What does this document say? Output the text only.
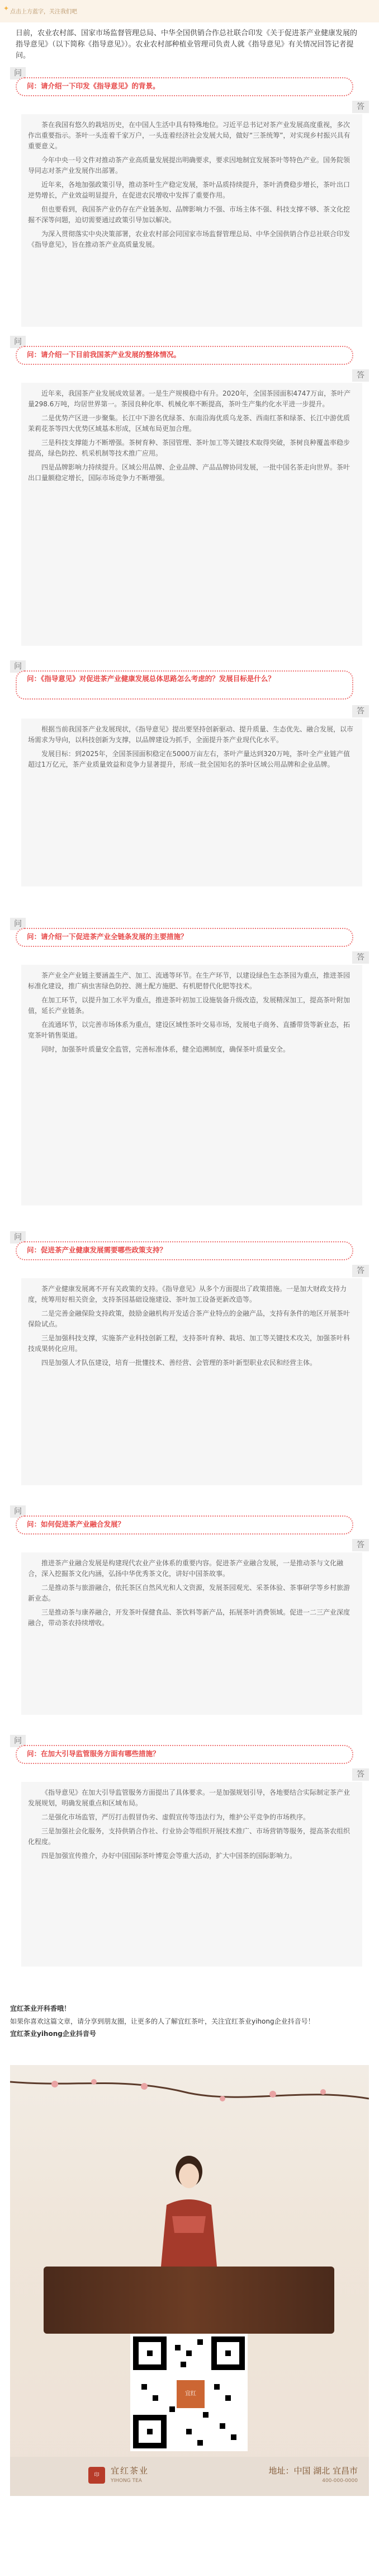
✦ 点击上方蓝字，关注我们吧
日前，农业农村部、国家市场监督管理总局、中华全国供销合作总社联合印发《关于促进茶产业健康发展的指导意见》（以下简称《指导意见》）。农业农村部种植业管理司负责人就《指导意见》有关情况回答记者提问。
问
问：请介绍一下印发《指导意见》的背景。
答

茶在我国有悠久的栽培历史，在中国人生活中具有特殊地位。习近平总书记对茶产业发展高度重视，多次作出重要指示。茶叶一头连着千家万户，一头连着经济社会发展大局，做好“三茶统筹”，对实现乡村振兴具有重要意义。

今年中央一号文件对推动茶产业高质量发展提出明确要求，要求因地制宜发展茶叶等特色产业。国务院领导同志对茶产业发展作出部署。

近年来，各地加强政策引导，推动茶叶生产稳定发展，茶叶品质持续提升，茶叶消费稳步增长，茶叶出口逆势增长，产业效益明显提升，在促进农民增收中发挥了重要作用。

但也要看到，我国茶产业仍存在产业链条短、品牌影响力不强、市场主体不强、科技支撑不够、茶文化挖掘不深等问题，迫切需要通过政策引导加以解决。

为深入贯彻落实中央决策部署，农业农村部会同国家市场监督管理总局、中华全国供销合作总社联合印发《指导意见》，旨在推动茶产业高质量发展。

问
问：请介绍一下目前我国茶产业发展的整体情况。
答

近年来，我国茶产业发展成效显著。一是生产规模稳中有升。2020年，全国茶园面积4747万亩，茶叶产量298.6万吨，均居世界第一。茶园良种化率、机械化率不断提高，茶叶生产集约化水平进一步提升。

二是优势产区进一步聚集。长江中下游名优绿茶、东南沿海优质乌龙茶、西南红茶和绿茶、长江中游优质茉莉花茶等四大优势区域基本形成，区域布局更加合理。

三是科技支撑能力不断增强。茶树育种、茶园管理、茶叶加工等关键技术取得突破，茶树良种覆盖率稳步提高，绿色防控、机采机制等技术推广应用。

四是品牌影响力持续提升。区域公用品牌、企业品牌、产品品牌协同发展，一批中国名茶走向世界。茶叶出口量额稳定增长，国际市场竞争力不断增强。

问
问：《指导意见》对促进茶产业健康发展总体思路怎么考虑的？发展目标是什么？
答

根据当前我国茶产业发展现状，《指导意见》提出要坚持创新驱动、提升质量、生态优先、融合发展，以市场需求为导向，以科技创新为支撑，以品牌建设为抓手，全面提升茶产业现代化水平。

发展目标：到2025年，全国茶园面积稳定在5000万亩左右，茶叶产量达到320万吨，茶叶全产业链产值超过1万亿元，茶产业质量效益和竞争力显著提升，形成一批全国知名的茶叶区域公用品牌和企业品牌。

问
问：请介绍一下促进茶产业全链条发展的主要措施？
答

茶产业全产业链主要涵盖生产、加工、流通等环节。在生产环节，以建设绿色生态茶园为重点，推进茶园标准化建设，推广病虫害绿色防控、测土配方施肥、有机肥替代化肥等技术。

在加工环节，以提升加工水平为重点，推进茶叶初加工设施装备升级改造，发展精深加工，提高茶叶附加值，延长产业链条。

在流通环节，以完善市场体系为重点，建设区域性茶叶交易市场，发展电子商务、直播带货等新业态，拓宽茶叶销售渠道。

同时，加强茶叶质量安全监管，完善标准体系，健全追溯制度，确保茶叶质量安全。

问
问：促进茶产业健康发展需要哪些政策支持？
答

茶产业健康发展离不开有关政策的支持。《指导意见》从多个方面提出了政策措施。一是加大财政支持力度，统筹用好相关资金，支持茶园基础设施建设、茶叶加工设备更新改造等。

二是完善金融保险支持政策，鼓励金融机构开发适合茶产业特点的金融产品，支持有条件的地区开展茶叶保险试点。

三是加强科技支撑，实施茶产业科技创新工程，支持茶叶育种、栽培、加工等关键技术攻关，加强茶叶科技成果转化应用。

四是加强人才队伍建设，培育一批懂技术、善经营、会管理的茶叶新型职业农民和经营主体。

问
问：如何促进茶产业融合发展？
答

推进茶产业融合发展是构建现代农业产业体系的重要内容。促进茶产业融合发展，一是推动茶与文化融合，深入挖掘茶文化内涵，弘扬中华优秀茶文化，讲好中国茶故事。

二是推动茶与旅游融合，依托茶区自然风光和人文资源，发展茶园观光、采茶体验、茶事研学等乡村旅游新业态。

三是推动茶与康养融合，开发茶叶保健食品、茶饮料等新产品，拓展茶叶消费领域。促进一二三产业深度融合，带动茶农持续增收。

问
问：在加大引导监管服务方面有哪些措施？
答

《指导意见》在加大引导监管服务方面提出了具体要求。一是加强规划引导，各地要结合实际制定茶产业发展规划，明确发展重点和区域布局。

二是强化市场监管，严厉打击假冒伪劣、虚假宣传等违法行为，维护公平竞争的市场秩序。

三是加强社会化服务，支持供销合作社、行业协会等组织开展技术推广、市场营销等服务，提高茶农组织化程度。

四是加强宣传推介，办好中国国际茶叶博览会等重大活动，扩大中国茶的国际影响力。

宜红茶业开科香哦！
如果你喜欢这篇文章，请分享到朋友圈，让更多的人了解宜红茶叶，关注宜红茶业yihong企业抖音号！
宜红茶业yihong企业抖音号
宜红
印	宜红茶业
YIHONG TEA
地址：中国 湖北 宜昌市
400-000-0000
